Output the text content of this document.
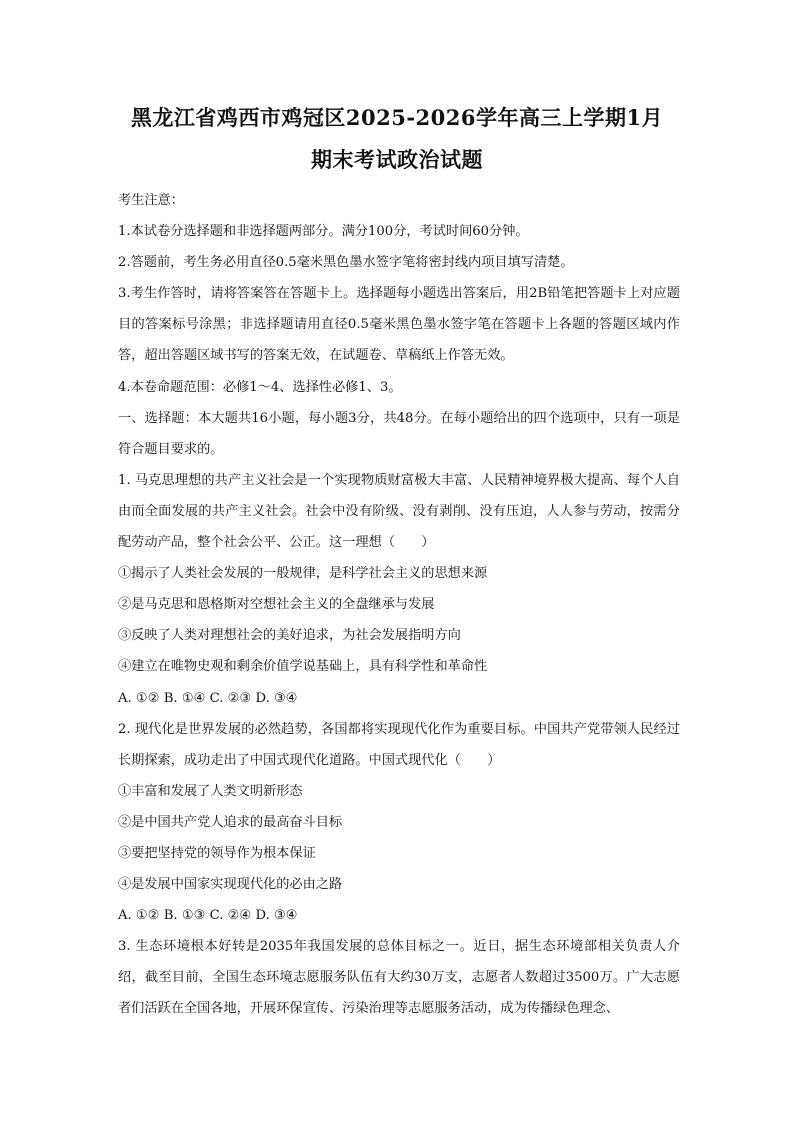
黑龙江省鸡西市鸡冠区2025-2026学年高三上学期1月
期末考试政治试题

考生注意：

1.本试卷分选择题和非选择题两部分。满分100分，考试时间60分钟。

2.答题前，考生务必用直径0.5毫米黑色墨水签字笔将密封线内项目填写清楚。

3.考生作答时，请将答案答在答题卡上。选择题每小题选出答案后，用2B铅笔把答题卡上对应题目的答案标号涂黑；非选择题请用直径0.5毫米黑色墨水签字笔在答题卡上各题的答题区域内作答，超出答题区域书写的答案无效，在试题卷、草稿纸上作答无效。

4.本卷命题范围：必修1～4、选择性必修1、3。

一、选择题：本大题共16小题，每小题3分，共48分。在每小题给出的四个选项中，只有一项是符合题目要求的。

1. 马克思理想的共产主义社会是一个实现物质财富极大丰富、人民精神境界极大提高、每个人自由而全面发展的共产主义社会。社会中没有阶级、没有剥削、没有压迫，人人参与劳动，按需分配劳动产品，整个社会公平、公正。这一理想（　　）

①揭示了人类社会发展的一般规律，是科学社会主义的思想来源

②是马克思和恩格斯对空想社会主义的全盘继承与发展

③反映了人类对理想社会的美好追求，为社会发展指明方向

④建立在唯物史观和剩余价值学说基础上，具有科学性和革命性

A. ①② B. ①④ C. ②③ D. ③④

2. 现代化是世界发展的必然趋势，各国都将实现现代化作为重要目标。中国共产党带领人民经过长期探索，成功走出了中国式现代化道路。中国式现代化（　　）

①丰富和发展了人类文明新形态

②是中国共产党人追求的最高奋斗目标

③要把坚持党的领导作为根本保证

④是发展中国家实现现代化的必由之路

A. ①② B. ①③ C. ②④ D. ③④

3. 生态环境根本好转是2035年我国发展的总体目标之一。近日，据生态环境部相关负责人介绍，截至目前，全国生态环境志愿服务队伍有大约30万支，志愿者人数超过3500万。广大志愿者们活跃在全国各地，开展环保宣传、污染治理等志愿服务活动，成为传播绿色理念、
